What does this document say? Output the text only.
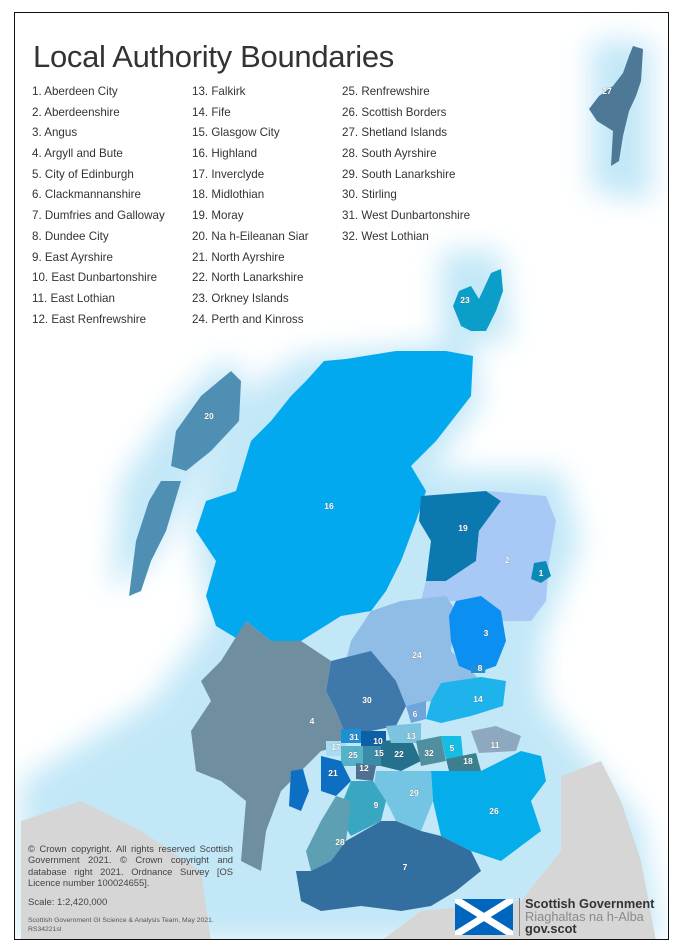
1
2
3
4
5
6
7
8
9
10	11
12
13
14
15
16
17
18
19
20
21
22
23
24
25
26
27
28
29
30
31
32
Local Authority Boundaries
1. Aberdeen City
2. Aberdeenshire
3. Angus
4. Argyll and Bute
5. City of Edinburgh
6. Clackmannanshire
7. Dumfries and Galloway
8. Dundee City
9. East Ayrshire
10. East Dunbartonshire
11. East Lothian
12. East Renfrewshire
13. Falkirk
14. Fife
15. Glasgow City
16. Highland
17. Inverclyde
18. Midlothian
19. Moray
20. Na h-Eileanan Siar
21. North Ayrshire
22. North Lanarkshire
23. Orkney Islands
24. Perth and Kinross
25. Renfrewshire
26. Scottish Borders
27. Shetland Islands
28. South Ayrshire
29. South Lanarkshire
30. Stirling
31. West Dunbartonshire
32. West Lothian
© Crown copyright. All rights reserved Scottish Government 2021. © Crown copyright and database right 2021. Ordnance Survey [OS Licence number 100024655].
Scale: 1:2,420,000
Scottish Government GI Science & Analysis Team, May 2021. RS34221sl
Scottish Government
Riaghaltas na h-Alba
gov.scot
